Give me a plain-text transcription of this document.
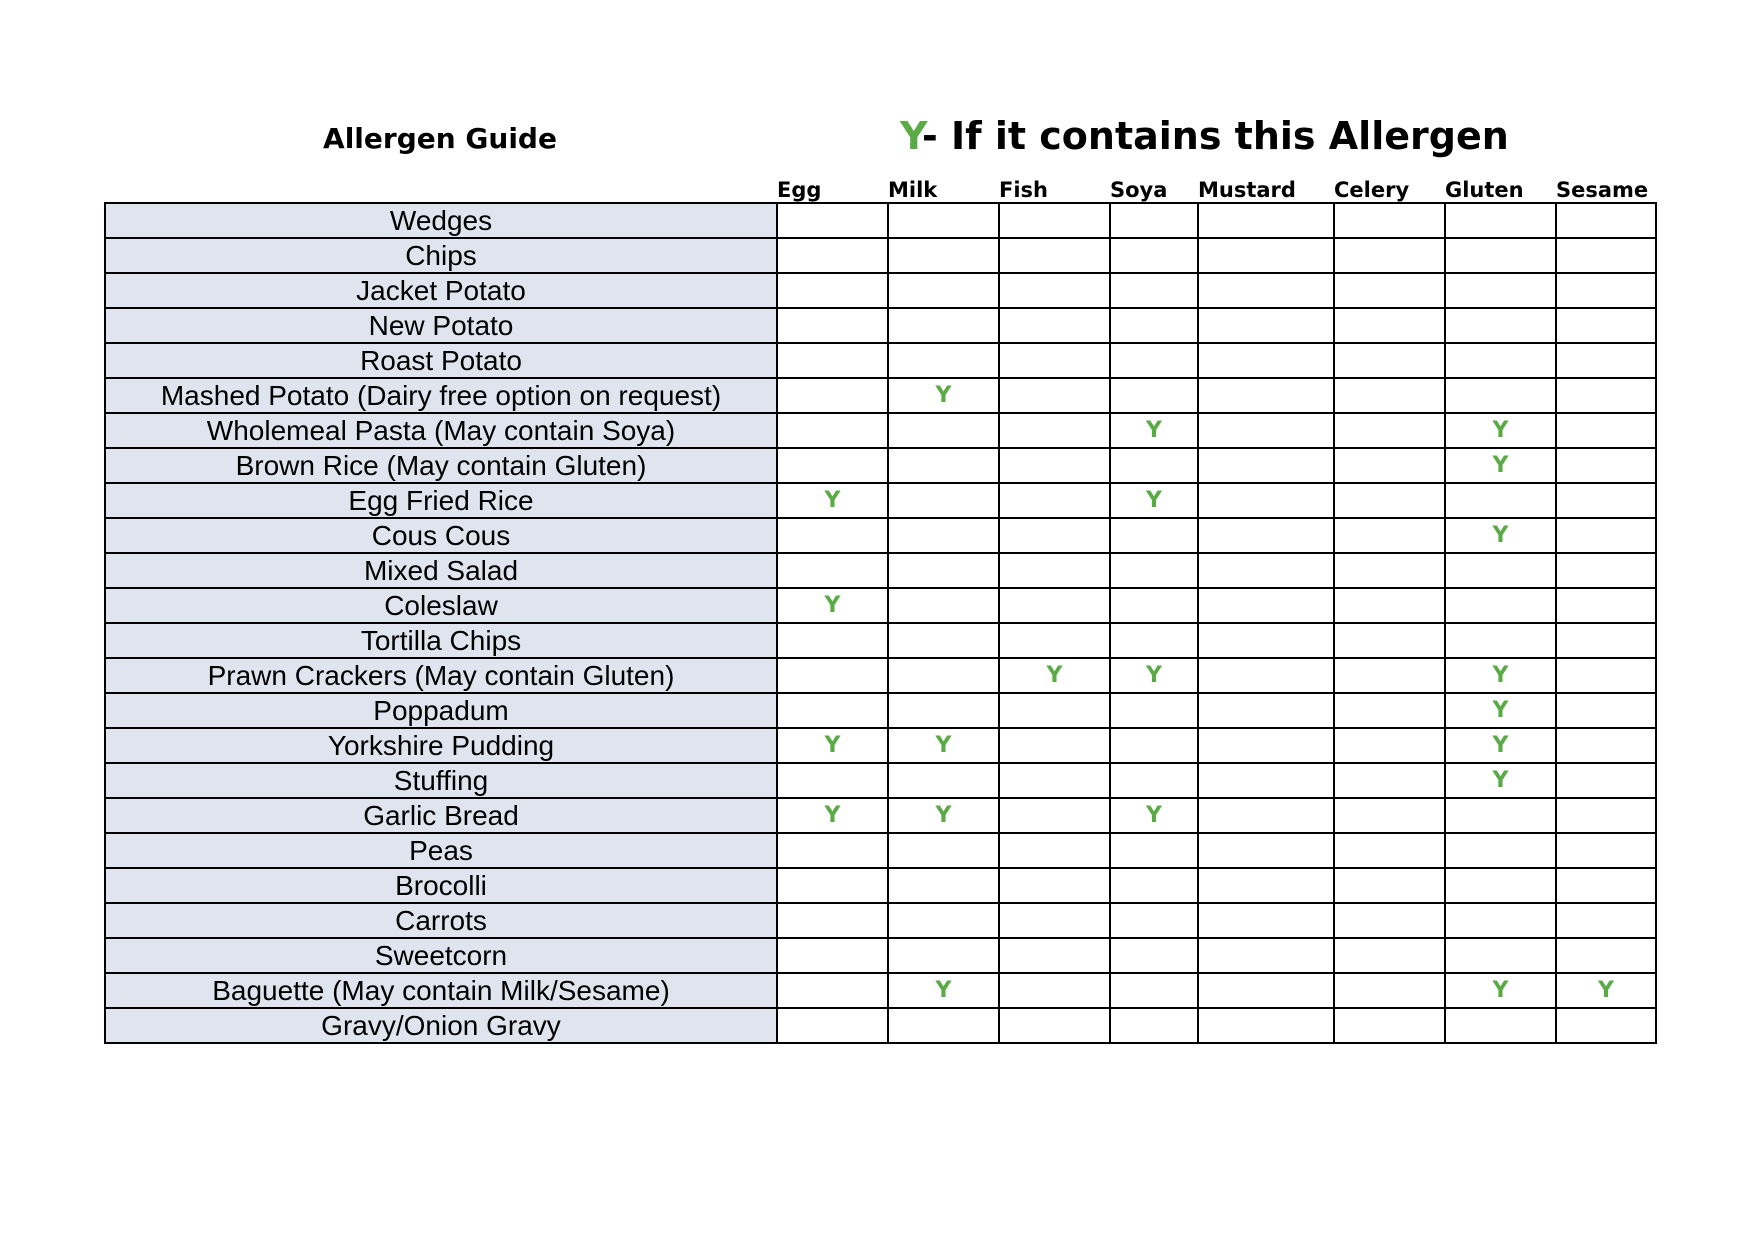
Allergen Guide	Y- If it contains this Allergen
	Egg	Milk	Fish	Soya	Mustard	Celery	Gluten	Sesame
Wedges								
Chips								
Jacket Potato								
New Potato								
Roast Potato								
Mashed Potato (Dairy free option on request)		Y						
Wholemeal Pasta (May contain Soya)				Y			Y	
Brown Rice (May contain Gluten)							Y	
Egg Fried Rice	Y			Y				
Cous Cous							Y	
Mixed Salad								
Coleslaw	Y							
Tortilla Chips								
Prawn Crackers (May contain Gluten)			Y	Y			Y	
Poppadum							Y	
Yorkshire Pudding	Y	Y					Y	
Stuffing							Y	
Garlic Bread	Y	Y		Y				
Peas								
Brocolli								
Carrots								
Sweetcorn								
Baguette (May contain Milk/Sesame)		Y					Y	Y
Gravy/Onion Gravy								
